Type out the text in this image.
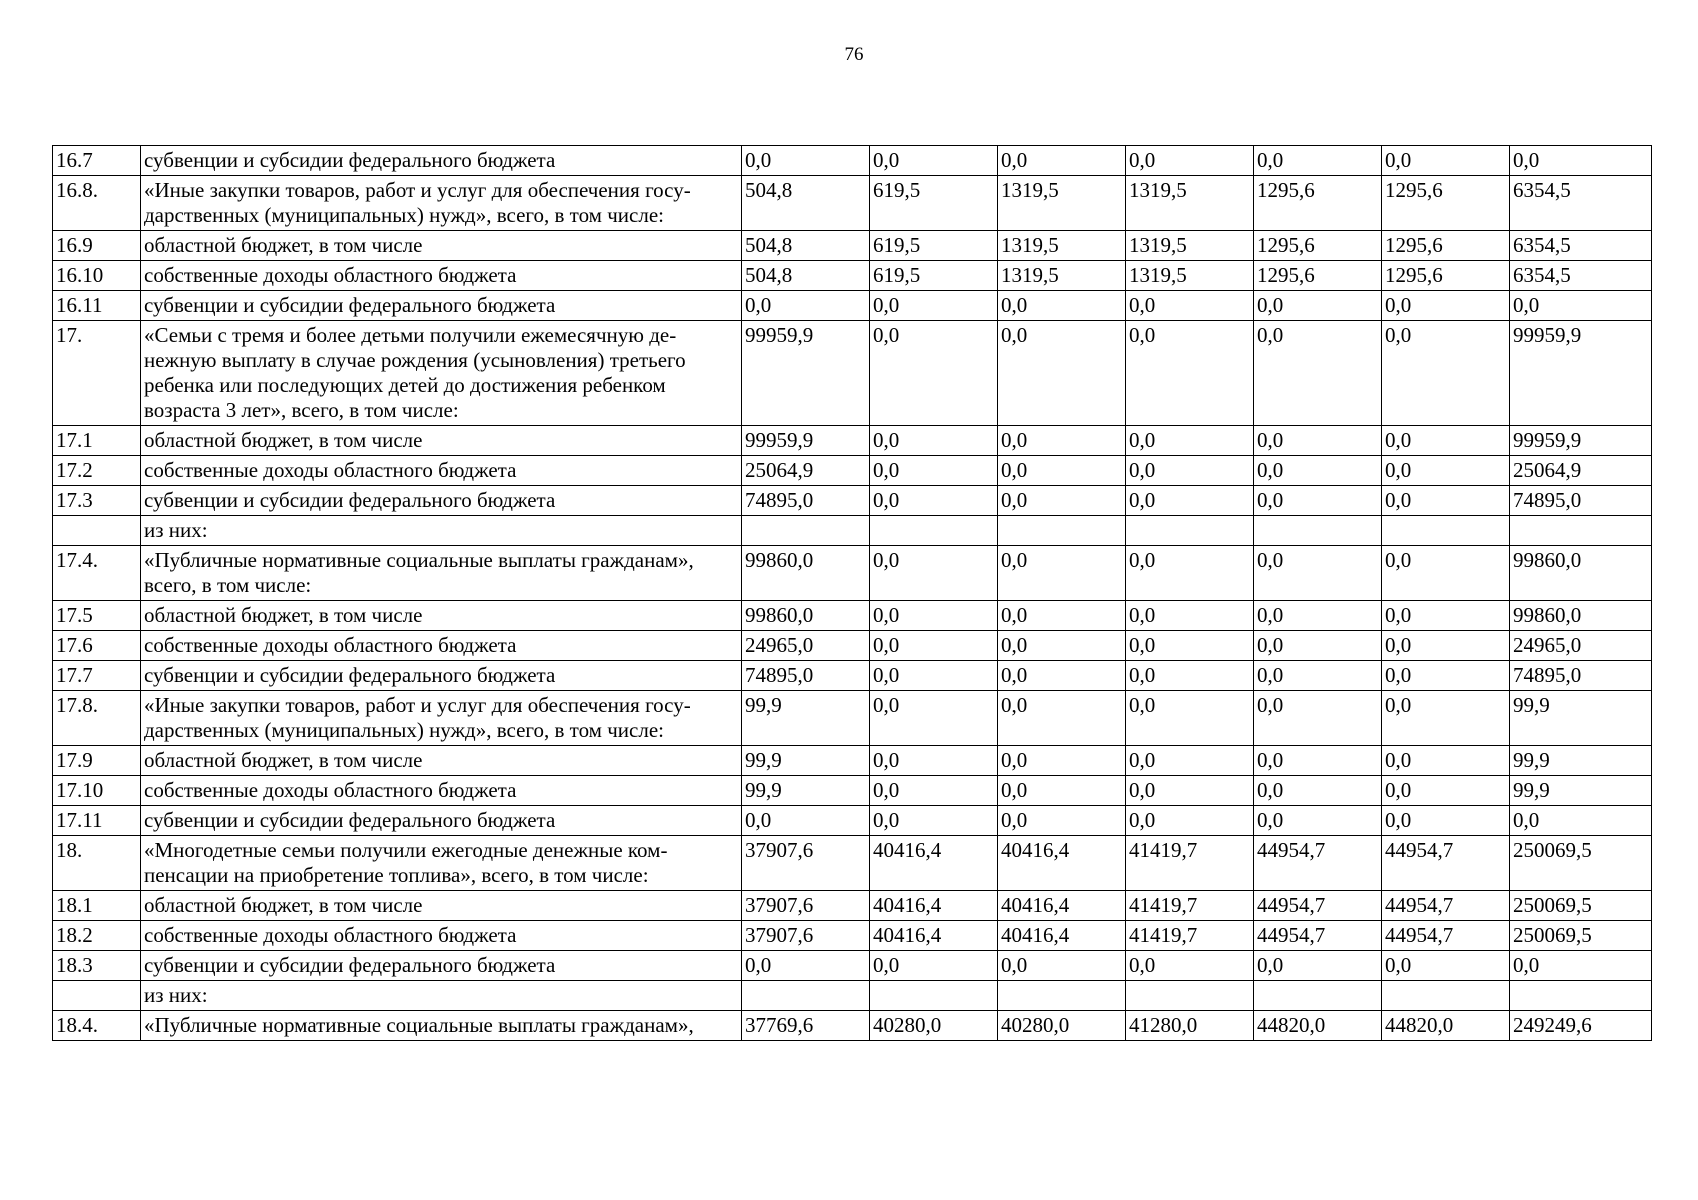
76
16.7	субвенции и субсидии федерального бюджета	0,0	0,0	0,0	0,0	0,0	0,0	0,0
16.8.	«Иные закупки товаров, работ и услуг для обеспечения госу-дарственных (муниципальных) нужд», всего, в том числе:	504,8	619,5	1319,5	1319,5	1295,6	1295,6	6354,5
16.9	областной бюджет, в том числе	504,8	619,5	1319,5	1319,5	1295,6	1295,6	6354,5
16.10	собственные доходы областного бюджета	504,8	619,5	1319,5	1319,5	1295,6	1295,6	6354,5
16.11	субвенции и субсидии федерального бюджета	0,0	0,0	0,0	0,0	0,0	0,0	0,0
17.	«Семьи с тремя и более детьми получили ежемесячную де-нежную выплату в случае рождения (усыновления) третьего ребенка или последующих детей до достижения ребенком возраста 3 лет», всего, в том числе:	99959,9	0,0	0,0	0,0	0,0	0,0	99959,9
17.1	областной бюджет, в том числе	99959,9	0,0	0,0	0,0	0,0	0,0	99959,9
17.2	собственные доходы областного бюджета	25064,9	0,0	0,0	0,0	0,0	0,0	25064,9
17.3	субвенции и субсидии федерального бюджета	74895,0	0,0	0,0	0,0	0,0	0,0	74895,0
	из них:							
17.4.	«Публичные нормативные социальные выплаты гражданам», всего, в том числе:	99860,0	0,0	0,0	0,0	0,0	0,0	99860,0
17.5	областной бюджет, в том числе	99860,0	0,0	0,0	0,0	0,0	0,0	99860,0
17.6	собственные доходы областного бюджета	24965,0	0,0	0,0	0,0	0,0	0,0	24965,0
17.7	субвенции и субсидии федерального бюджета	74895,0	0,0	0,0	0,0	0,0	0,0	74895,0
17.8.	«Иные закупки товаров, работ и услуг для обеспечения госу-дарственных (муниципальных) нужд», всего, в том числе:	99,9	0,0	0,0	0,0	0,0	0,0	99,9
17.9	областной бюджет, в том числе	99,9	0,0	0,0	0,0	0,0	0,0	99,9
17.10	собственные доходы областного бюджета	99,9	0,0	0,0	0,0	0,0	0,0	99,9
17.11	субвенции и субсидии федерального бюджета	0,0	0,0	0,0	0,0	0,0	0,0	0,0
18.	«Многодетные семьи получили ежегодные денежные ком-пенсации на приобретение топлива», всего, в том числе:	37907,6	40416,4	40416,4	41419,7	44954,7	44954,7	250069,5
18.1	областной бюджет, в том числе	37907,6	40416,4	40416,4	41419,7	44954,7	44954,7	250069,5
18.2	собственные доходы областного бюджета	37907,6	40416,4	40416,4	41419,7	44954,7	44954,7	250069,5
18.3	субвенции и субсидии федерального бюджета	0,0	0,0	0,0	0,0	0,0	0,0	0,0
	из них:							
18.4.	«Публичные нормативные социальные выплаты гражданам»,	37769,6	40280,0	40280,0	41280,0	44820,0	44820,0	249249,6
